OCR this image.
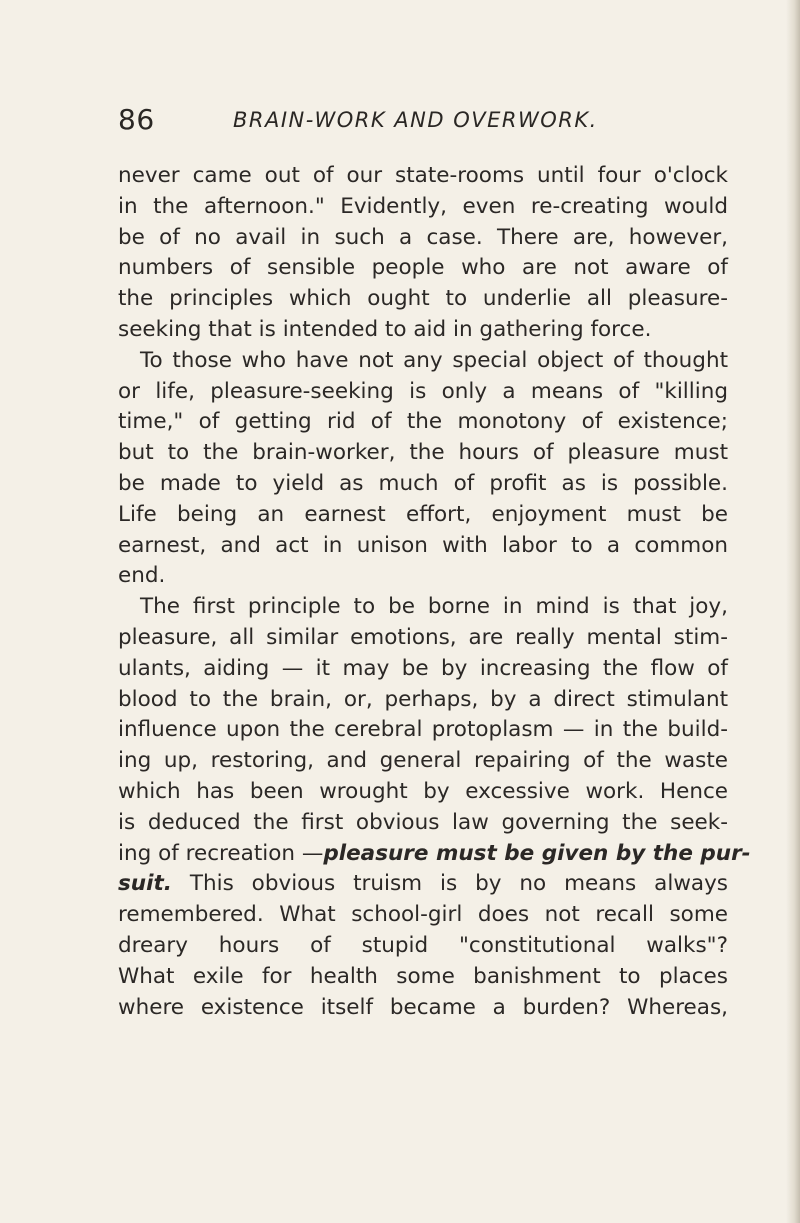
86	BRAIN-WORK AND OVERWORK.
never came out of our state-rooms until four o'clock
in the afternoon." Evidently, even re-creating would
be of no avail in such a case. There are, however,
numbers of sensible people who are not aware of
the principles which ought to underlie all pleasure-
seeking that is intended to aid in gathering force.
To those who have not any special object of thought
or life, pleasure-seeking is only a means of "killing
time," of getting rid of the monotony of existence;
but to the brain-worker, the hours of pleasure must
be made to yield as much of profit as is possible.
Life being an earnest effort, enjoyment must be
earnest, and act in unison with labor to a common
end.
The first principle to be borne in mind is that joy,
pleasure, all similar emotions, are really mental stim-
ulants, aiding — it may be by increasing the flow of
blood to the brain, or, perhaps, by a direct stimulant
influence upon the cerebral protoplasm — in the build-
ing up, restoring, and general repairing of the waste
which has been wrought by excessive work. Hence
is deduced the first obvious law governing the seek-
ing of recreation —pleasure must be given by the pur-
suit. This obvious truism is by no means always
remembered. What school-girl does not recall some
dreary hours of stupid "constitutional walks"?
What exile for health some banishment to places
where existence itself became a burden? Whereas,
